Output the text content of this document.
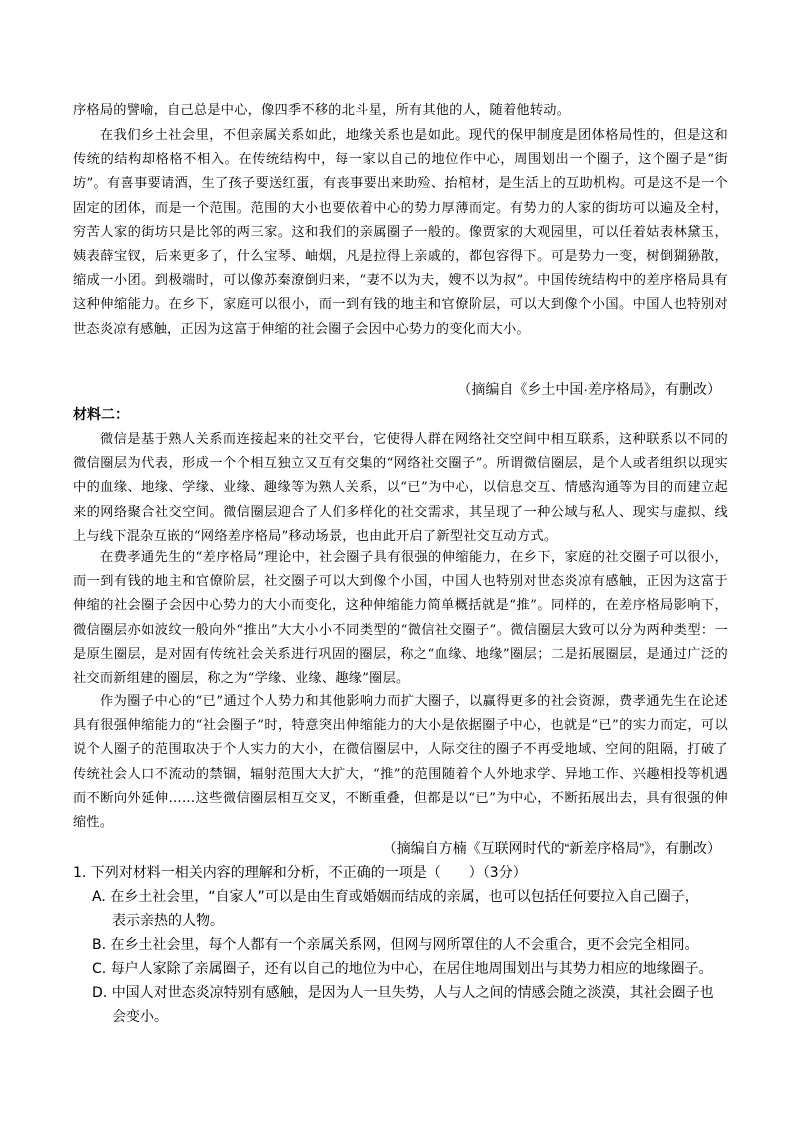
序格局的譬喻，自己总是中心，像四季不移的北斗星，所有其他的人，随着他转动。
在我们乡土社会里，不但亲属关系如此，地缘关系也是如此。现代的保甲制度是团体格局性的，但是这和传统的结构却格格不相入。在传统结构中，每一家以自己的地位作中心，周围划出一个圈子，这个圈子是“街坊”。有喜事要请酒，生了孩子要送红蛋，有丧事要出来助殓、抬棺材，是生活上的互助机构。可是这不是一个固定的团体，而是一个范围。范围的大小也要依着中心的势力厚薄而定。有势力的人家的街坊可以遍及全村，穷苦人家的街坊只是比邻的两三家。这和我们的亲属圈子一般的。像贾家的大观园里，可以任着姑表林黛玉，姨表薛宝钗，后来更多了，什么宝琴、岫烟，凡是拉得上亲戚的，都包容得下。可是势力一变，树倒猢狲散，缩成一小团。到极端时，可以像苏秦潦倒归来，“妻不以为夫，嫂不以为叔”。中国传统结构中的差序格局具有这种伸缩能力。在乡下，家庭可以很小，而一到有钱的地主和官僚阶层，可以大到像个小国。中国人也特别对世态炎凉有感触，正因为这富于伸缩的社会圈子会因中心势力的变化而大小。
（摘编自《乡土中国·差序格局》，有删改）
材料二：
微信是基于熟人关系而连接起来的社交平台，它使得人群在网络社交空间中相互联系，这种联系以不同的微信圈层为代表，形成一个个相互独立又互有交集的“网络社交圈子”。所谓微信圈层，是个人或者组织以现实中的血缘、地缘、学缘、业缘、趣缘等为熟人关系，以“已”为中心，以信息交互、情感沟通等为目的而建立起来的网络聚合社交空间。微信圈层迎合了人们多样化的社交需求，其呈现了一种公域与私人、现实与虚拟、线上与线下混杂互嵌的“网络差序格局”移动场景，也由此开启了新型社交互动方式。
在费孝通先生的“差序格局”理论中，社会圈子具有很强的伸缩能力，在乡下，家庭的社交圈子可以很小，而一到有钱的地主和官僚阶层，社交圈子可以大到像个小国，中国人也特别对世态炎凉有感触，正因为这富于伸缩的社会圈子会因中心势力的大小而变化，这种伸缩能力简单概括就是“推”。同样的，在差序格局影响下，微信圈层亦如波纹一般向外“推出”大大小小不同类型的“微信社交圈子”。微信圈层大致可以分为两种类型：一是原生圈层，是对固有传统社会关系进行巩固的圈层，称之“血缘、地缘”圈层；二是拓展圈层，是通过广泛的社交而新组建的圈层，称之为“学缘、业缘、趣缘”圈层。
作为圈子中心的“已”通过个人势力和其他影响力而扩大圈子，以赢得更多的社会资源，费孝通先生在论述具有很强伸缩能力的“社会圈子”时，特意突出伸缩能力的大小是依据圈子中心，也就是“已”的实力而定，可以说个人圈子的范围取决于个人实力的大小，在微信圈层中，人际交往的圈子不再受地域、空间的阻隔，打破了传统社会人口不流动的禁锢，辐射范围大大扩大，“推”的范围随着个人外地求学、异地工作、兴趣相投等机遇而不断向外延伸……这些微信圈层相互交叉，不断重叠，但都是以“已”为中心，不断拓展出去，具有很强的伸缩性。
（摘编自方楠《互联网时代的“新差序格局”》，有删改）
1. 下列对材料一相关内容的理解和分析，不正确的一项是（　　）（3分）
A. 在乡土社会里，“自家人”可以是由生育或婚姻而结成的亲属，也可以包括任何要拉入自己圈子，
表示亲热的人物。
B. 在乡土社会里，每个人都有一个亲属关系网，但网与网所罩住的人不会重合，更不会完全相同。
C. 每户人家除了亲属圈子，还有以自己的地位为中心，在居住地周围划出与其势力相应的地缘圈子。
D. 中国人对世态炎凉特别有感触，是因为人一旦失势，人与人之间的情感会随之淡漠，其社会圈子也
会变小。
